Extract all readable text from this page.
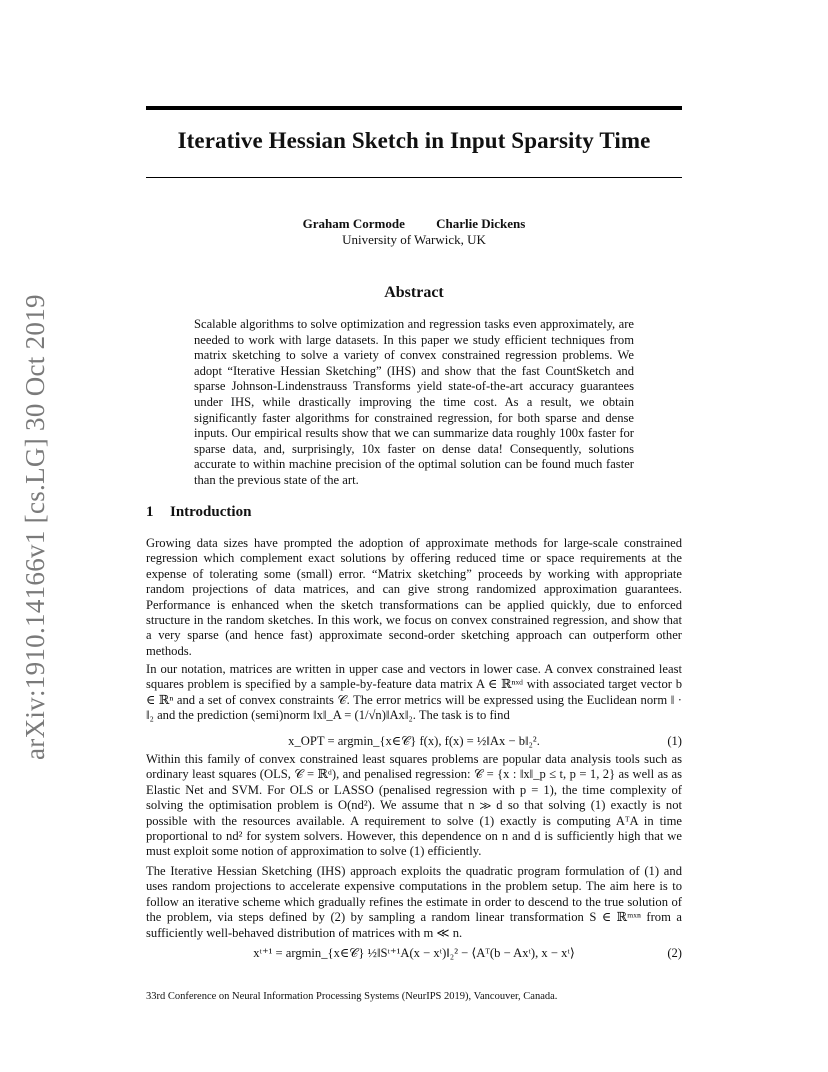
arXiv:1910.14166v1 [cs.LG] 30 Oct 2019
Iterative Hessian Sketch in Input Sparsity Time
Graham Cormode Charlie Dickens
University of Warwick, UK
Abstract
Scalable algorithms to solve optimization and regression tasks even approximately, are needed to work with large datasets. In this paper we study efficient techniques from matrix sketching to solve a variety of convex constrained regression problems. We adopt “Iterative Hessian Sketching” (IHS) and show that the fast CountSketch and sparse Johnson-Lindenstrauss Transforms yield state-of-the-art accuracy guarantees under IHS, while drastically improving the time cost. As a result, we obtain significantly faster algorithms for constrained regression, for both sparse and dense inputs. Our empirical results show that we can summarize data roughly 100x faster for sparse data, and, surprisingly, 10x faster on dense data! Consequently, solutions accurate to within machine precision of the optimal solution can be found much faster than the previous state of the art.
1 Introduction

Growing data sizes have prompted the adoption of approximate methods for large-scale constrained regression which complement exact solutions by offering reduced time or space requirements at the expense of tolerating some (small) error. “Matrix sketching” proceeds by working with appropriate random projections of data matrices, and can give strong randomized approximation guarantees. Performance is enhanced when the sketch transformations can be applied quickly, due to enforced structure in the random sketches. In this work, we focus on convex constrained regression, and show that a very sparse (and hence fast) approximate second-order sketching approach can outperform other methods.

In our notation, matrices are written in upper case and vectors in lower case. A convex constrained least squares problem is specified by a sample-by-feature data matrix A ∈ ℝⁿˣᵈ with associated target vector b ∈ ℝⁿ and a set of convex constraints 𝒞. The error metrics will be expressed using the Euclidean norm ‖ · ‖₂ and the prediction (semi)norm ‖x‖_A = (1/√n)‖Ax‖₂. The task is to find

x_OPT = argmin_{x∈𝒞} f(x), f(x) = ½‖Ax − b‖₂².	(1)

Within this family of convex constrained least squares problems are popular data analysis tools such as ordinary least squares (OLS, 𝒞 = ℝᵈ), and penalised regression: 𝒞 = {x : ‖x‖_p ≤ t, p = 1, 2} as well as as Elastic Net and SVM. For OLS or LASSO (penalised regression with p = 1), the time complexity of solving the optimisation problem is O(nd²). We assume that n ≫ d so that solving (1) exactly is not possible with the resources available. A requirement to solve (1) exactly is computing AᵀA in time proportional to nd² for system solvers. However, this dependence on n and d is sufficiently high that we must exploit some notion of approximation to solve (1) efficiently.

The Iterative Hessian Sketching (IHS) approach exploits the quadratic program formulation of (1) and uses random projections to accelerate expensive computations in the problem setup. The aim here is to follow an iterative scheme which gradually refines the estimate in order to descend to the true solution of the problem, via steps defined by (2) by sampling a random linear transformation S ∈ ℝᵐˣⁿ from a sufficiently well-behaved distribution of matrices with m ≪ n.

xᵗ⁺¹ = argmin_{x∈𝒞} ½‖Sᵗ⁺¹A(x − xᵗ)‖₂² − ⟨Aᵀ(b − Axᵗ), x − xᵗ⟩	(2)
33rd Conference on Neural Information Processing Systems (NeurIPS 2019), Vancouver, Canada.
